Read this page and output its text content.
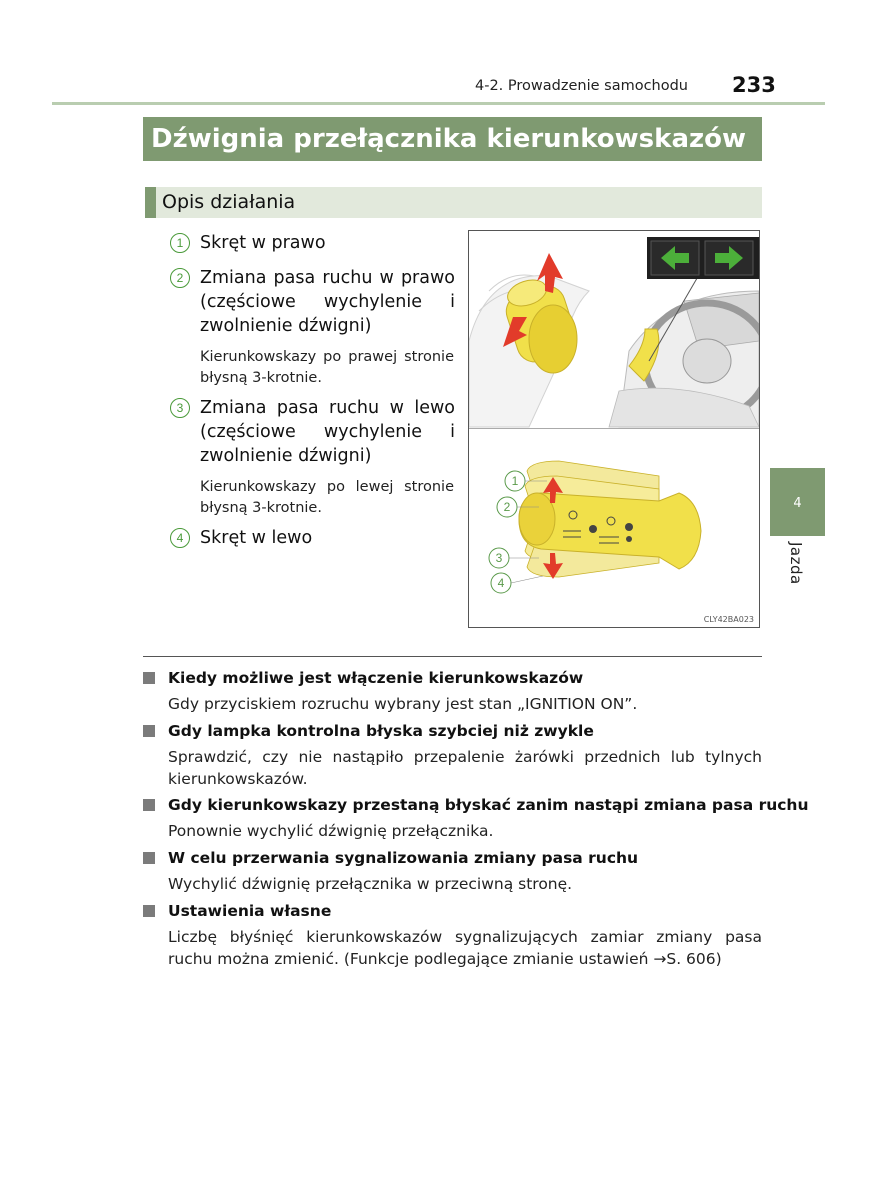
4-2. Prowadzenie samochodu 233
Dźwignia przełącznika kierunkowskazów
Opis działania
1 Skręt w prawo
2 Zmiana pasa ruchu w prawo (częściowe wychylenie i zwolnienie dźwigni)
Kierunkowskazy po prawej stronie błysną 3-krotnie.
3 Zmiana pasa ruchu w lewo (częściowe wychylenie i zwolnienie dźwigni)
Kierunkowskazy po lewej stronie błysną 3-krotnie.
4 Skręt w lewo
1
2
3
4
CLY42BA023
4
Jazda
Kiedy możliwe jest włączenie kierunkowskazów
Gdy przyciskiem rozruchu wybrany jest stan „IGNITION ON”.
Gdy lampka kontrolna błyska szybciej niż zwykle
Sprawdzić, czy nie nastąpiło przepalenie żarówki przednich lub tylnych kierunkowskazów.
Gdy kierunkowskazy przestaną błyskać zanim nastąpi zmiana pasa ruchu
Ponownie wychylić dźwignię przełącznika.
W celu przerwania sygnalizowania zmiany pasa ruchu
Wychylić dźwignię przełącznika w przeciwną stronę.
Ustawienia własne
Liczbę błyśnięć kierunkowskazów sygnalizujących zamiar zmiany pasa ruchu można zmienić. (Funkcje podlegające zmianie ustawień →S. 606)
